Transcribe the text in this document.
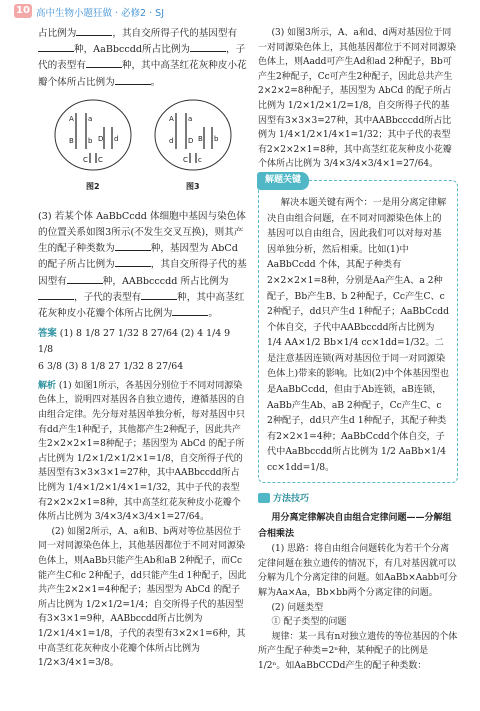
10 高中生物小题狂做 · 必修2 · SJ

占比例为	，其自交所得子代的基因型有种，AaBbccdd所占比例为	，子代的表型有	种，其中高茎红花灰种皮小花瓣个体所占比例为	。

A a
B b D d
C C
A a
d D B b
C c
图2	图3

(3) 若某个体 AaBbCcdd 体细胞中基因与染色体的位置关系如图3所示(不发生交叉互换)，则其产生的配子种类数为	种，基因型为 AbCd 的配子所占比例为	，其自交所得子代的基因型有	种，AABbcccdd 所占比例为，子代的表型有	种，其中高茎红花灰种皮小花瓣个体所占比例为	。

答案 (1) 8 1/8 27 1/32 8 27/64 (2) 4 1/4 9 1/8
6 3/8 (3) 8 1/8 27 1/32 8 27/64

解析 (1) 如图1所示，各基因分别位于不同对同源染色体上，说明四对基因各自独立遗传，遵循基因的自由组合定律。先分每对基因单独分析，每对基因中只有dd产生1种配子，其他都产生2种配子，因此共产生2×2×2×1=8种配子；基因型为 AbCd 的配子所占比例为 1/2×1/2×1/2×1=1/8，自交所得子代的基因型有3×3×3×1=27种，其中AABbccdd所占比例为 1/4×1/2×1/4×1=1/32，其中子代的表型有2×2×2×1=8种，其中高茎红花灰种皮小花瓣个体所占比例为 3/4×3/4×3/4×1=27/64。

(2) 如图2所示，A、a和B、b两对等位基因位于同一对同源染色体上，其他基因都位于不同对同源染色体上，则AaBb只能产生Ab和aB 2种配子，而Cc能产生C和c 2种配子，dd只能产生d 1种配子，因此共产生2×2×1=4种配子；基因型为 AbCd 的配子所占比例为 1/2×1/2=1/4；自交所得子代的基因型有3×3×1=9种，AABbccdd所占比例为 1/2×1/4×1=1/8，子代的表型有3×2×1=6种，其中高茎红花灰种皮小花瓣个体所占比例为 1/2×3/4×1=3/8。

(3) 如图3所示，A、a和d、d两对基因位于同一对同源染色体上，其他基因都位于不同对同源染色体上，则Aadd可产生Ad和ad 2种配子，Bb可产生2种配子，Cc可产生2种配子，因此总共产生2×2×2=8种配子，基因型为 AbCd 的配子所占比例为 1/2×1/2×1/2=1/8，自交所得子代的基因型有3×3×3=27种，其中AABbcccdd所占比例为 1/4×1/2×1/4×1=1/32；其中子代的表型有2×2×2×1=8种，其中高茎红花灰种皮小花瓣个体所占比例为 3/4×3/4×3/4×1=27/64。

解题关键

解决本题关键有两个：一是用分离定律解决自由组合问题，在不同对同源染色体上的基因可以自由组合，因此我们可以对每对基因单独分析，然后相乘。比如(1)中 AaBbCcdd 个体，其配子种类有2×2×2×1=8种，分别是Aa产生A、a 2种配子，Bb产生B、b 2种配子，Cc产生C、c 2种配子，dd只产生d 1种配子；AaBbCcdd个体自交，子代中AABbccdd所占比例为 1/4 AA×1/2 Bb×1/4 cc×1dd=1/32。二是注意基因连锁(两对基因位于同一对同源染色体上)带来的影响。比如(2)中个体基因型也是AaBbCcdd，但由于Ab连锁，aB连锁，AaBb产生Ab、aB 2种配子，Cc产生C、c 2种配子，dd只产生d 1种配子，其配子种类有2×2×1=4种；AaBbCcdd个体自交，子代中AaBbccdd所占比例为 1/2 AaBb×1/4 cc×1dd=1/8。

方法技巧

用分离定律解决自由组合定律问题——分解组合相乘法

(1) 思路：将自由组合问题转化为若干个分离定律问题在独立遗传的情况下，有几对基因就可以分解为几个分离定律的问题。如AaBb×Aabb可分解为Aa×Aa，Bb×bb两个分离定律的问题。

(2) 问题类型

① 配子类型的问题

规律：某一具有n对独立遗传的等位基因的个体所产生配子种类=2ⁿ种，某种配子的比例是 1/2ⁿ。如AaBbCCDd产生的配子种类数：
